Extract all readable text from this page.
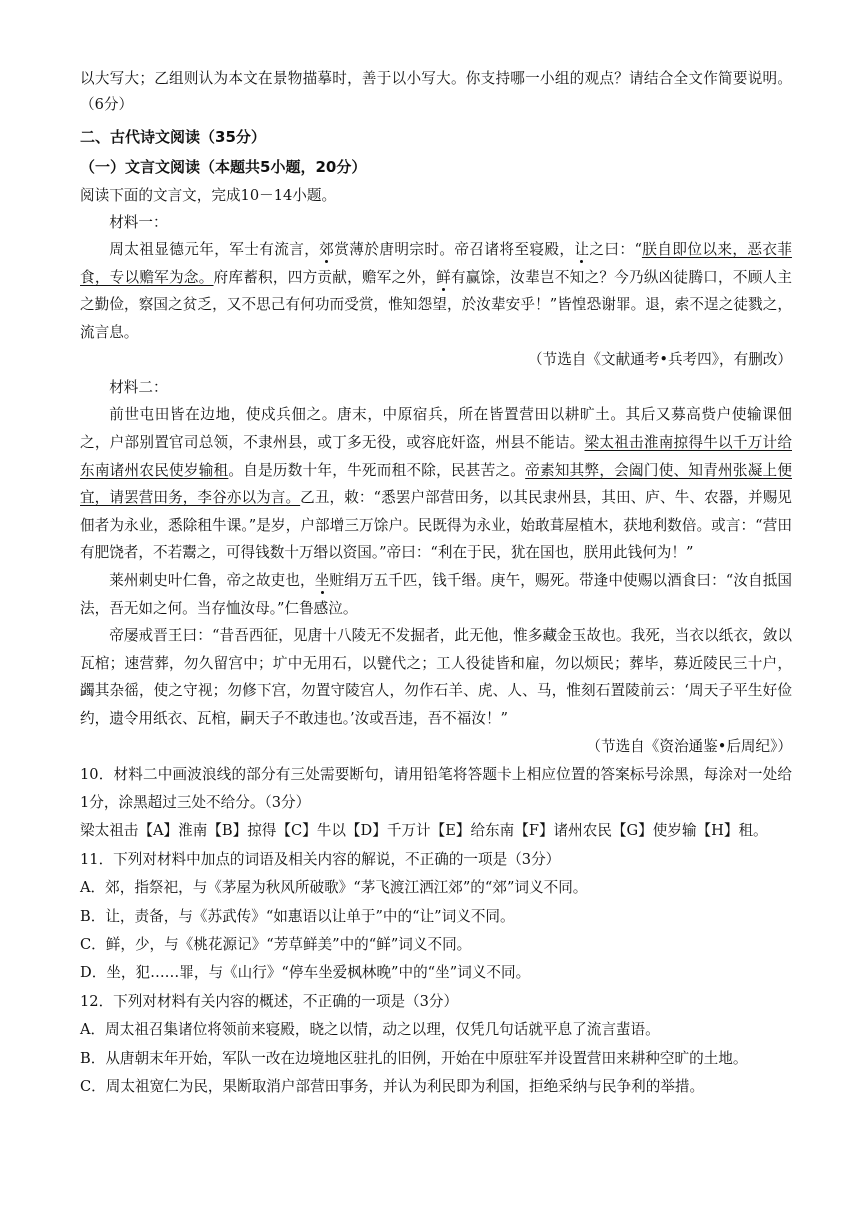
以大写大；乙组则认为本文在景物描摹时，善于以小写大。你支持哪一小组的观点？请结合全文作简要说明。（6分）

二、古代诗文阅读（35分）

（一）文言文阅读（本题共5小题，20分）

阅读下面的文言文，完成10－14小题。

材料一：

周太祖显德元年，军士有流言，郊赏薄於唐明宗时。帝召诸将至寝殿，让之曰：“朕自即位以来，恶衣菲食，专以赡军为念。府库蓄积，四方贡献，赡军之外，鲜有赢馀，汝辈岂不知之？今乃纵凶徒腾口，不顾人主之勤俭，察国之贫乏，又不思己有何功而受赏，惟知怨望，於汝辈安乎！”皆惶恐谢罪。退，索不逞之徒戮之，流言息。

（节选自《文献通考•兵考四》，有删改）

材料二：

前世屯田皆在边地，使戍兵佃之。唐末，中原宿兵，所在皆置营田以耕旷土。其后又募高赀户使输课佃之，户部别置官司总领，不隶州县，或丁多无役，或容庇奸盗，州县不能诘。梁太祖击淮南掠得牛以千万计给东南诸州农民使岁输租。自是历数十年，牛死而租不除，民甚苦之。帝素知其弊，会阖门使、知青州张凝上便宜，请罢营田务，李谷亦以为言。乙丑，敕：“悉罢户部营田务，以其民隶州县，其田、庐、牛、农器，并赐见佃者为永业，悉除租牛课。”是岁，户部增三万馀户。民既得为永业，始敢葺屋植木，获地利数倍。或言：“营田有肥饶者，不若鬻之，可得钱数十万缗以资国。”帝曰：“利在于民，犹在国也，朕用此钱何为！”

莱州刺史叶仁鲁，帝之故吏也，坐赃绢万五千匹，钱千缗。庚午，赐死。带逢中使赐以酒食曰：“汝自抵国法，吾无如之何。当存恤汝母。”仁鲁感泣。

帝屡戒晋王曰：“昔吾西征，见唐十八陵无不发掘者，此无他，惟多藏金玉故也。我死，当衣以纸衣，敛以瓦棺；速营葬，勿久留宫中；圹中无用石，以甓代之；工人役徒皆和雇，勿以烦民；葬毕，募近陵民三十户，蠲其杂徭，使之守视；勿修下宫，勿置守陵宫人，勿作石羊、虎、人、马，惟刻石置陵前云：‘周天子平生好俭约，遗令用纸衣、瓦棺，嗣天子不敢违也。’汝或吾违，吾不福汝！”

（节选自《资治通鉴•后周纪》）

10．材料二中画波浪线的部分有三处需要断句，请用铅笔将答题卡上相应位置的答案标号涂黑，每涂对一处给1分，涂黑超过三处不给分。（3分）

梁太祖击【A】淮南【B】掠得【C】牛以【D】千万计【E】给东南【F】诸州农民【G】使岁输【H】租。

11．下列对材料中加点的词语及相关内容的解说，不正确的一项是（3分）

A．郊，指祭祀，与《茅屋为秋风所破歌》“茅飞渡江洒江郊”的“郊”词义不同。

B．让，责备，与《苏武传》“如惠语以让单于”中的“让”词义不同。

C．鲜，少，与《桃花源记》“芳草鲜美”中的“鲜”词义不同。

D．坐，犯……罪，与《山行》“停车坐爱枫林晚”中的“坐”词义不同。

12．下列对材料有关内容的概述，不正确的一项是（3分）

A．周太祖召集诸位将领前来寝殿，晓之以情，动之以理，仅凭几句话就平息了流言蜚语。

B．从唐朝末年开始，军队一改在边境地区驻扎的旧例，开始在中原驻军并设置营田来耕种空旷的土地。

C．周太祖宽仁为民，果断取消户部营田事务，并认为利民即为利国，拒绝采纳与民争利的举措。
